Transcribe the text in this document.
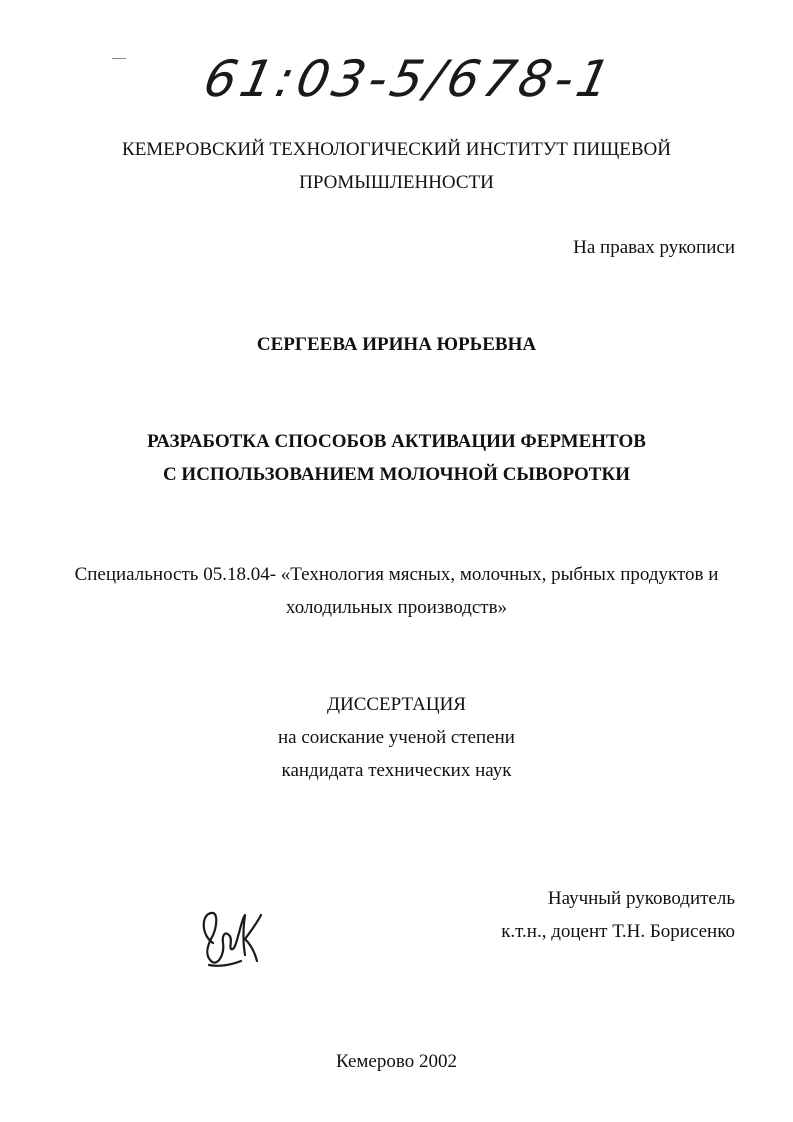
61:03-5/678-1

КЕМЕРОВСКИЙ ТЕХНОЛОГИЧЕСКИЙ ИНСТИТУТ ПИЩЕВОЙ

ПРОМЫШЛЕННОСТИ

На правах рукописи

СЕРГЕЕВА ИРИНА ЮРЬЕВНА

РАЗРАБОТКА СПОСОБОВ АКТИВАЦИИ ФЕРМЕНТОВ

С ИСПОЛЬЗОВАНИЕМ МОЛОЧНОЙ СЫВОРОТКИ

Специальность 05.18.04- «Технология мясных, молочных, рыбных продуктов и

холодильных производств»

ДИССЕРТАЦИЯ

на соискание ученой степени

кандидата технических наук

Научный руководитель

к.т.н., доцент Т.Н. Борисенко

Кемерово 2002
